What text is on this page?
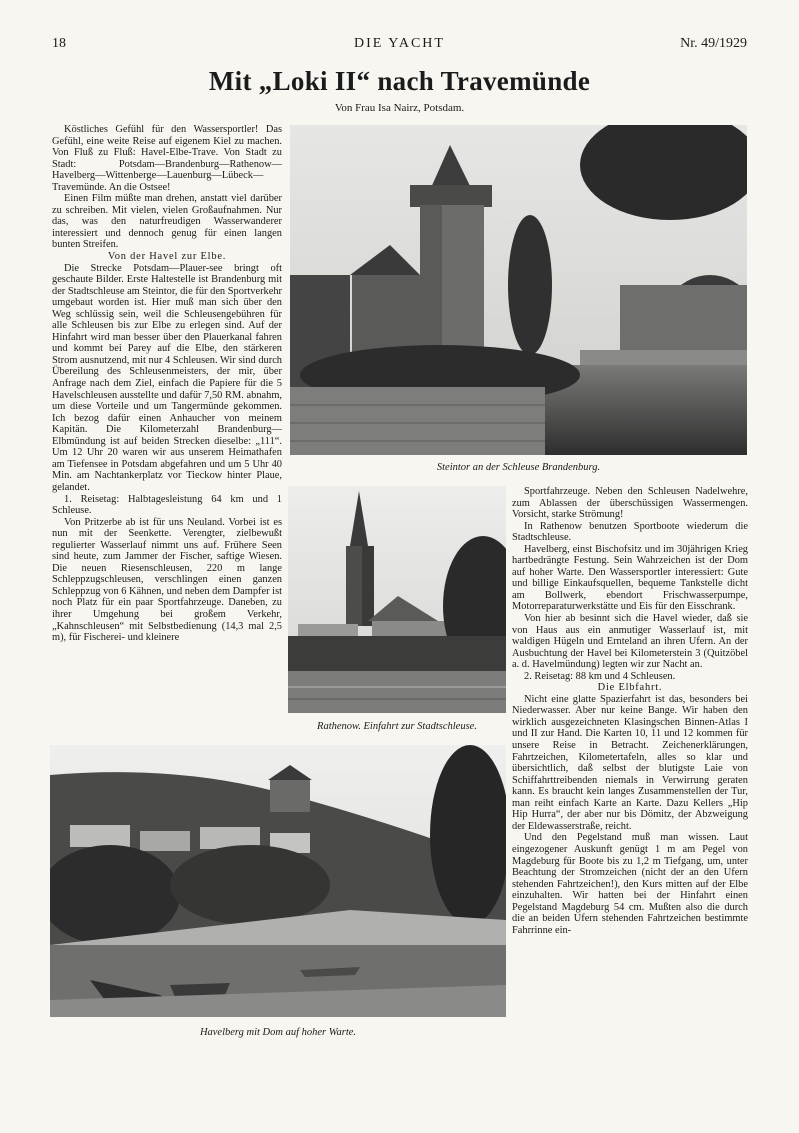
18	DIE YACHT	Nr. 49/1929
Mit „Loki II“ nach Travemünde
Von Frau Isa Nairz, Potsdam.

Köstliches Gefühl für den Wassersportler! Das Gefühl, eine weite Reise auf eigenem Kiel zu machen. Von Fluß zu Fluß: Havel-Elbe-Trave. Von Stadt zu Stadt: Potsdam—Brandenburg—Rathenow—Havelberg—Wittenberge—Lauenburg—Lübeck—Travemünde. An die Ostsee!

Einen Film müßte man drehen, anstatt viel darüber zu schreiben. Mit vielen, vielen Großaufnahmen. Nur das, was den naturfreudigen Wasserwanderer interessiert und dennoch genug für einen langen bunten Streifen.

Von der Havel zur Elbe.

Die Strecke Potsdam—Plauer-see bringt oft geschaute Bilder. Erste Haltestelle ist Brandenburg mit der Stadtschleuse am Steintor, die für den Sportverkehr umgebaut worden ist. Hier muß man sich über den Weg schlüssig sein, weil die Schleusengebühren für alle Schleusen bis zur Elbe zu erlegen sind. Auf der Hinfahrt wird man besser über den Plauerkanal fahren und kommt bei Parey auf die Elbe, den stärkeren Strom ausnutzend, mit nur 4 Schleusen. Wir sind durch Übereilung des Schleusenmeisters, der mir, über Anfrage nach dem Ziel, einfach die Papiere für die 5 Havelschleusen ausstellte und dafür 7,50 RM. abnahm, um diese Vorteile und um Tangermünde gekommen. Ich bezog dafür einen Anhaucher von meinem Kapitän. Die Kilometerzahl Brandenburg—Elbmündung ist auf beiden Strecken dieselbe: „111“. Um 12 Uhr 20 waren wir aus unserem Heimathafen am Tiefensee in Potsdam abgefahren und um 5 Uhr 40 Min. am Nachtankerplatz vor Tieckow hinter Plaue, gelandet.

1. Reisetag: Halbtagesleistung 64 km und 1 Schleuse.

Von Pritzerbe ab ist für uns Neuland. Vorbei ist es nun mit der Seenkette. Verengter, zielbewußt regulierter Wasserlauf nimmt uns auf. Frühere Seen sind heute, zum Jammer der Fischer, saftige Wiesen. Die neuen Riesenschleusen, 220 m lange Schleppzugschleusen, verschlingen einen ganzen Schleppzug von 6 Kähnen, und neben dem Dampfer ist noch Platz für ein paar Sportfahrzeuge. Daneben, zu ihrer Umgehung bei großem Verkehr, „Kahnschleusen“ mit Selbstbedienung (14,3 mal 2,5 m), für Fischerei- und kleinere

Steintor an der Schleuse Brandenburg.
Rathenow. Einfahrt zur Stadtschleuse.

Sportfahrzeuge. Neben den Schleusen Nadelwehre, zum Ablassen der überschüssigen Wassermengen. Vorsicht, starke Strömung!

In Rathenow benutzen Sportboote wiederum die Stadtschleuse.

Havelberg, einst Bischofsitz und im 30jährigen Krieg hartbedrängte Festung. Sein Wahrzeichen ist der Dom auf hoher Warte. Den Wassersportler interessiert: Gute und billige Einkaufsquellen, bequeme Tankstelle dicht am Bollwerk, ebendort Frischwasserpumpe, Motorreparaturwerkstätte und Eis für den Eisschrank.

Von hier ab besinnt sich die Havel wieder, daß sie von Haus aus ein anmutiger Wasserlauf ist, mit waldigen Hügeln und Ernteland an ihren Ufern. An der Ausbuchtung der Havel bei Kilometerstein 3 (Quitzöbel a. d. Havelmündung) legten wir zur Nacht an.

2. Reisetag: 88 km und 4 Schleusen.

Die Elbfahrt.

Nicht eine glatte Spazierfahrt ist das, besonders bei Niederwasser. Aber nur keine Bange. Wir haben den wirklich ausgezeichneten Klasingschen Binnen-Atlas I und II zur Hand. Die Karten 10, 11 und 12 kommen für unsere Reise in Betracht. Zeichenerklärungen, Fahrtzeichen, Kilometertafeln, alles so klar und übersichtlich, daß selbst der blutigste Laie von Schiffahrttreibenden niemals in Verwirrung geraten kann. Es braucht kein langes Zusammenstellen der Tur, man reiht einfach Karte an Karte. Dazu Kellers „Hip Hip Hurra“, der aber nur bis Dömitz, der Abzweigung der Eldewasserstraße, reicht.

Und den Pegelstand muß man wissen. Laut eingezogener Auskunft genügt 1 m am Pegel von Magdeburg für Boote bis zu 1,2 m Tiefgang, um, unter Beachtung der Stromzeichen (nicht der an den Ufern stehenden Fahrtzeichen!), den Kurs mitten auf der Elbe einzuhalten. Wir hatten bei der Hinfahrt einen Pegelstand Magdeburg 54 cm. Mußten also die durch die an beiden Ufern stehenden Fahrtzeichen bestimmte Fahrrinne ein-

Havelberg mit Dom auf hoher Warte.
